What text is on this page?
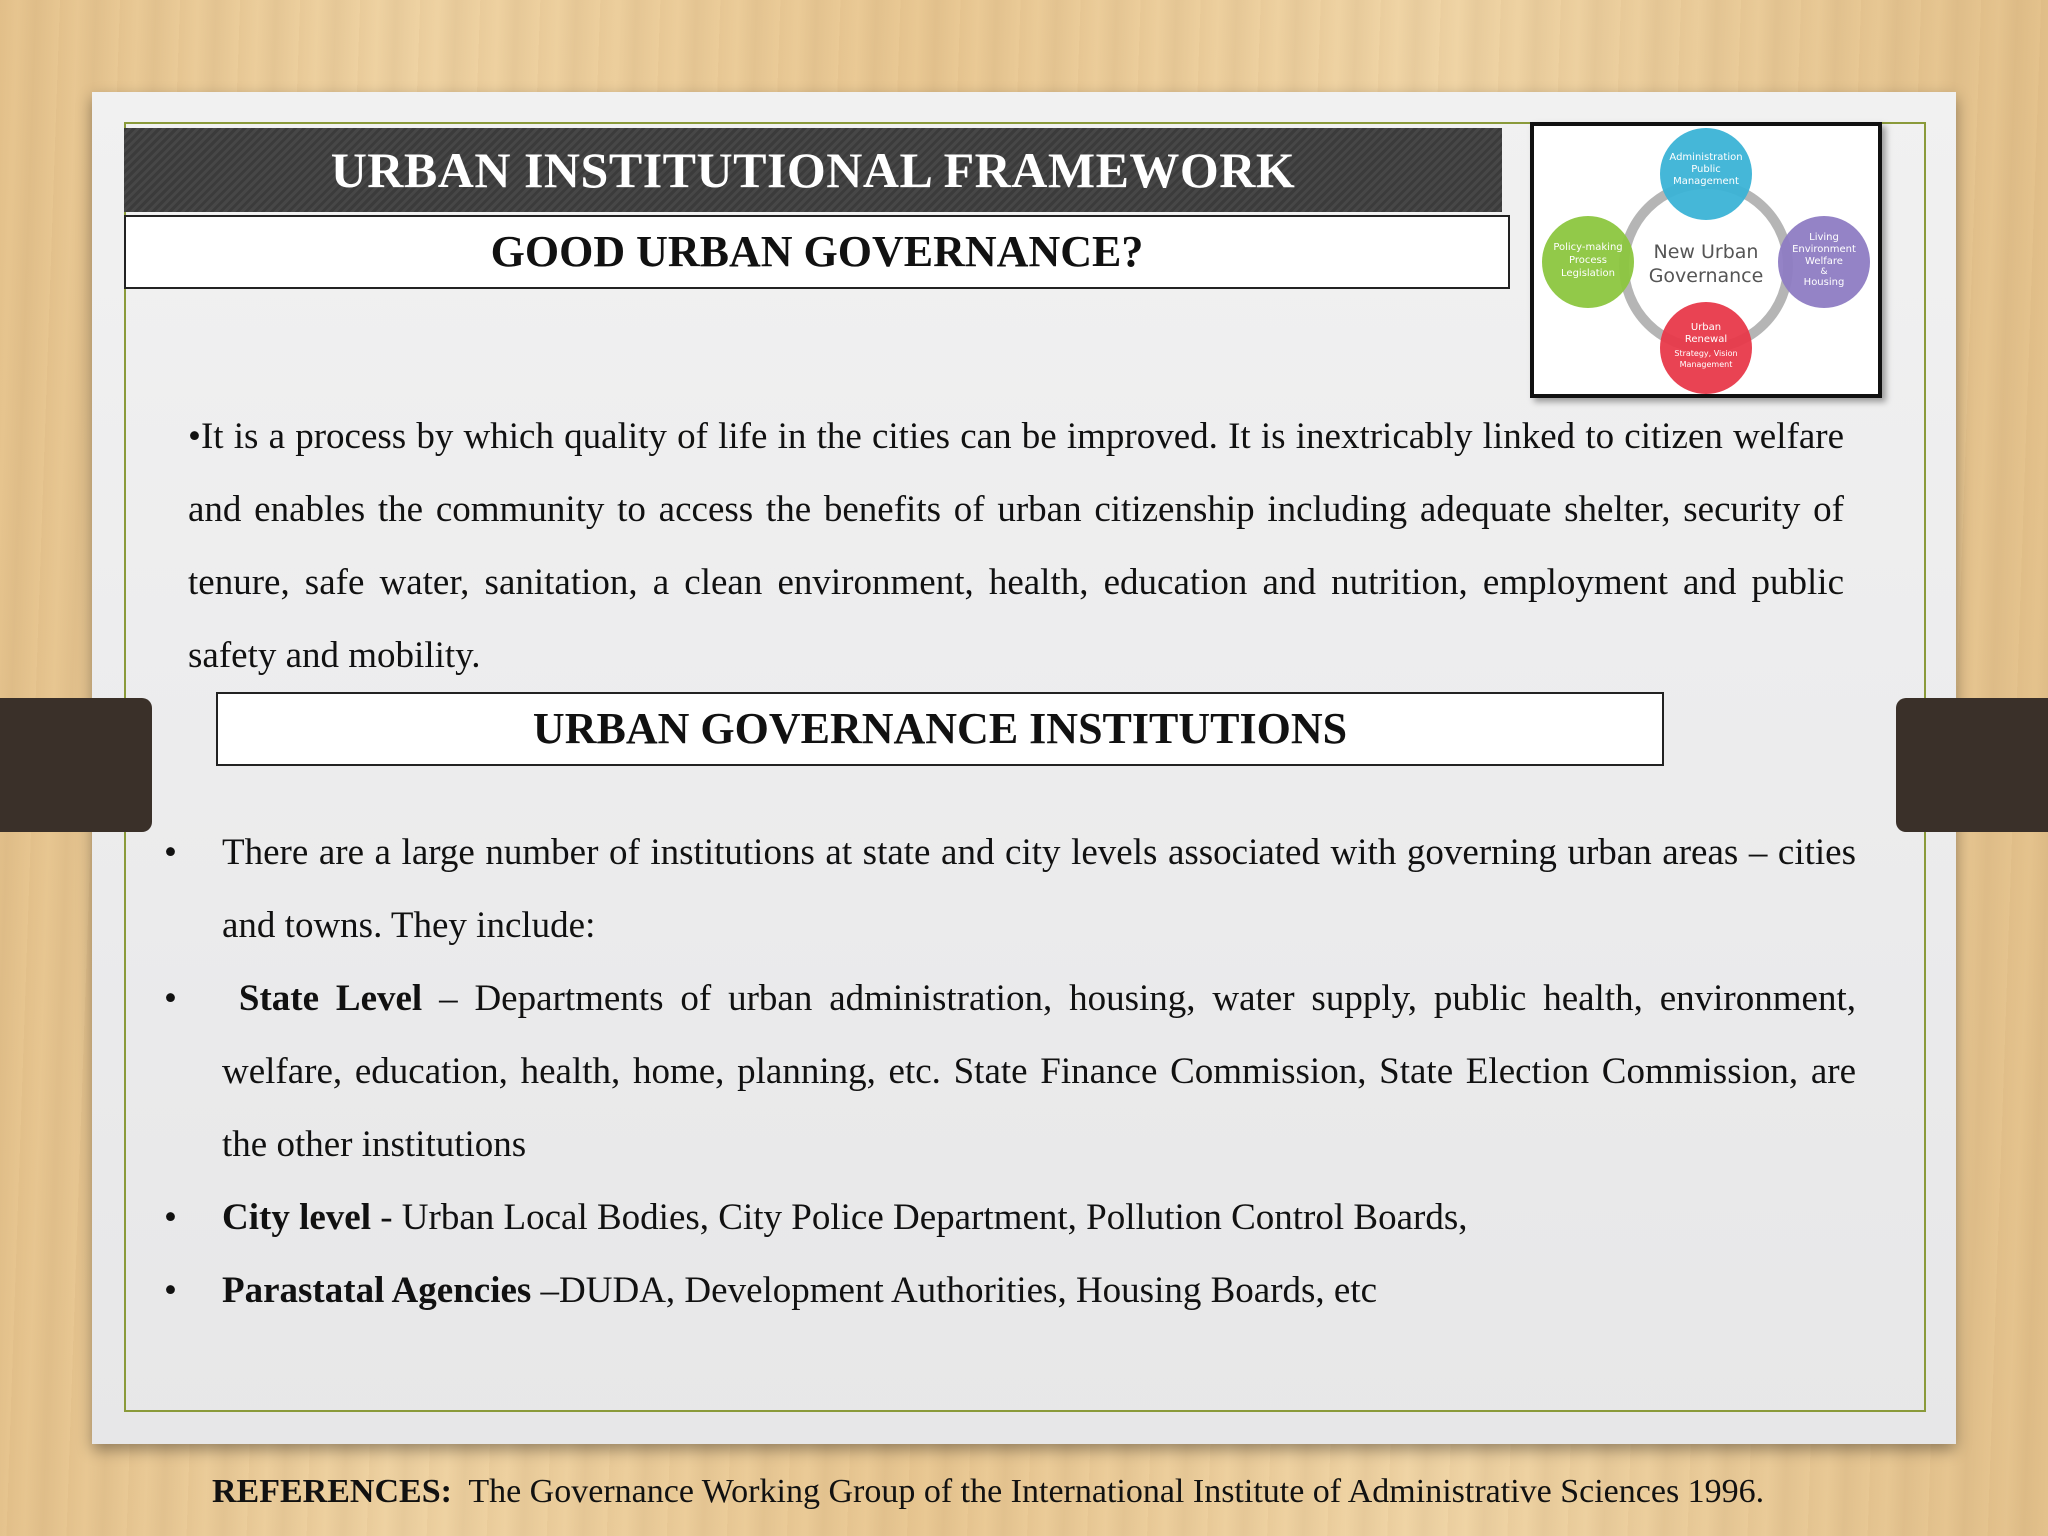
URBAN INSTITUTIONAL FRAMEWORK
GOOD URBAN GOVERNANCE?	New Urban
Governance
Administration
Public
Management
Policy-making
Process
Legislation
Living
Environment
Welfare
&
Housing
Urban
Renewal
Strategy, Vision
Management

•It is a process by which quality of life in the cities can be improved. It is inextricably linked to citizen welfare and enables the community to access the benefits of urban citizenship including adequate shelter, security of tenure, safe water, sanitation, a clean environment, health, education and nutrition, employment and public safety and mobility.

URBAN GOVERNANCE INSTITUTIONS
• There are a large number of institutions at state and city levels associated with governing urban areas – cities and towns. They include:
• State Level – Departments of urban administration, housing, water supply, public health, environment, welfare, education, health, home, planning, etc. State Finance Commission, State Election Commission, are the other institutions
• City level - Urban Local Bodies, City Police Department, Pollution Control Boards,
• Parastatal Agencies –DUDA, Development Authorities, Housing Boards, etc
REFERENCES:  The Governance Working Group of the International Institute of Administrative Sciences 1996.
